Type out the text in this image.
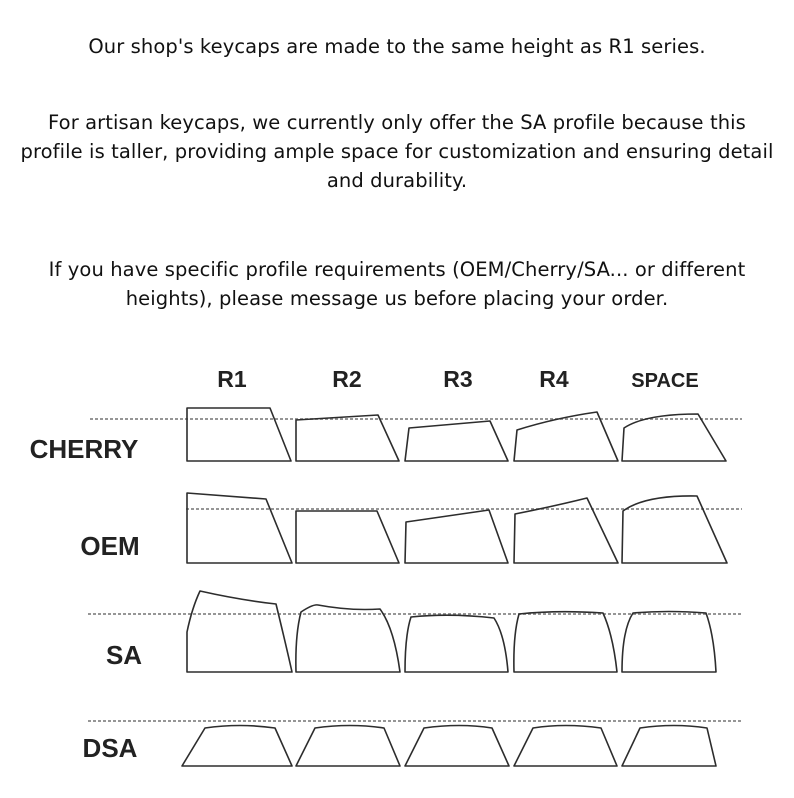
Our shop's keycaps are made to the same height as R1 series.
For artisan keycaps, we currently only offer the SA profile because this profile is taller, providing ample space for customization and ensuring detail and durability.
If you have specific profile requirements (OEM/Cherry/SA... or different heights), please message us before placing your order.
R1	R2	R3	R4	SPACE
CHERRY
OEM
SA
DSA
